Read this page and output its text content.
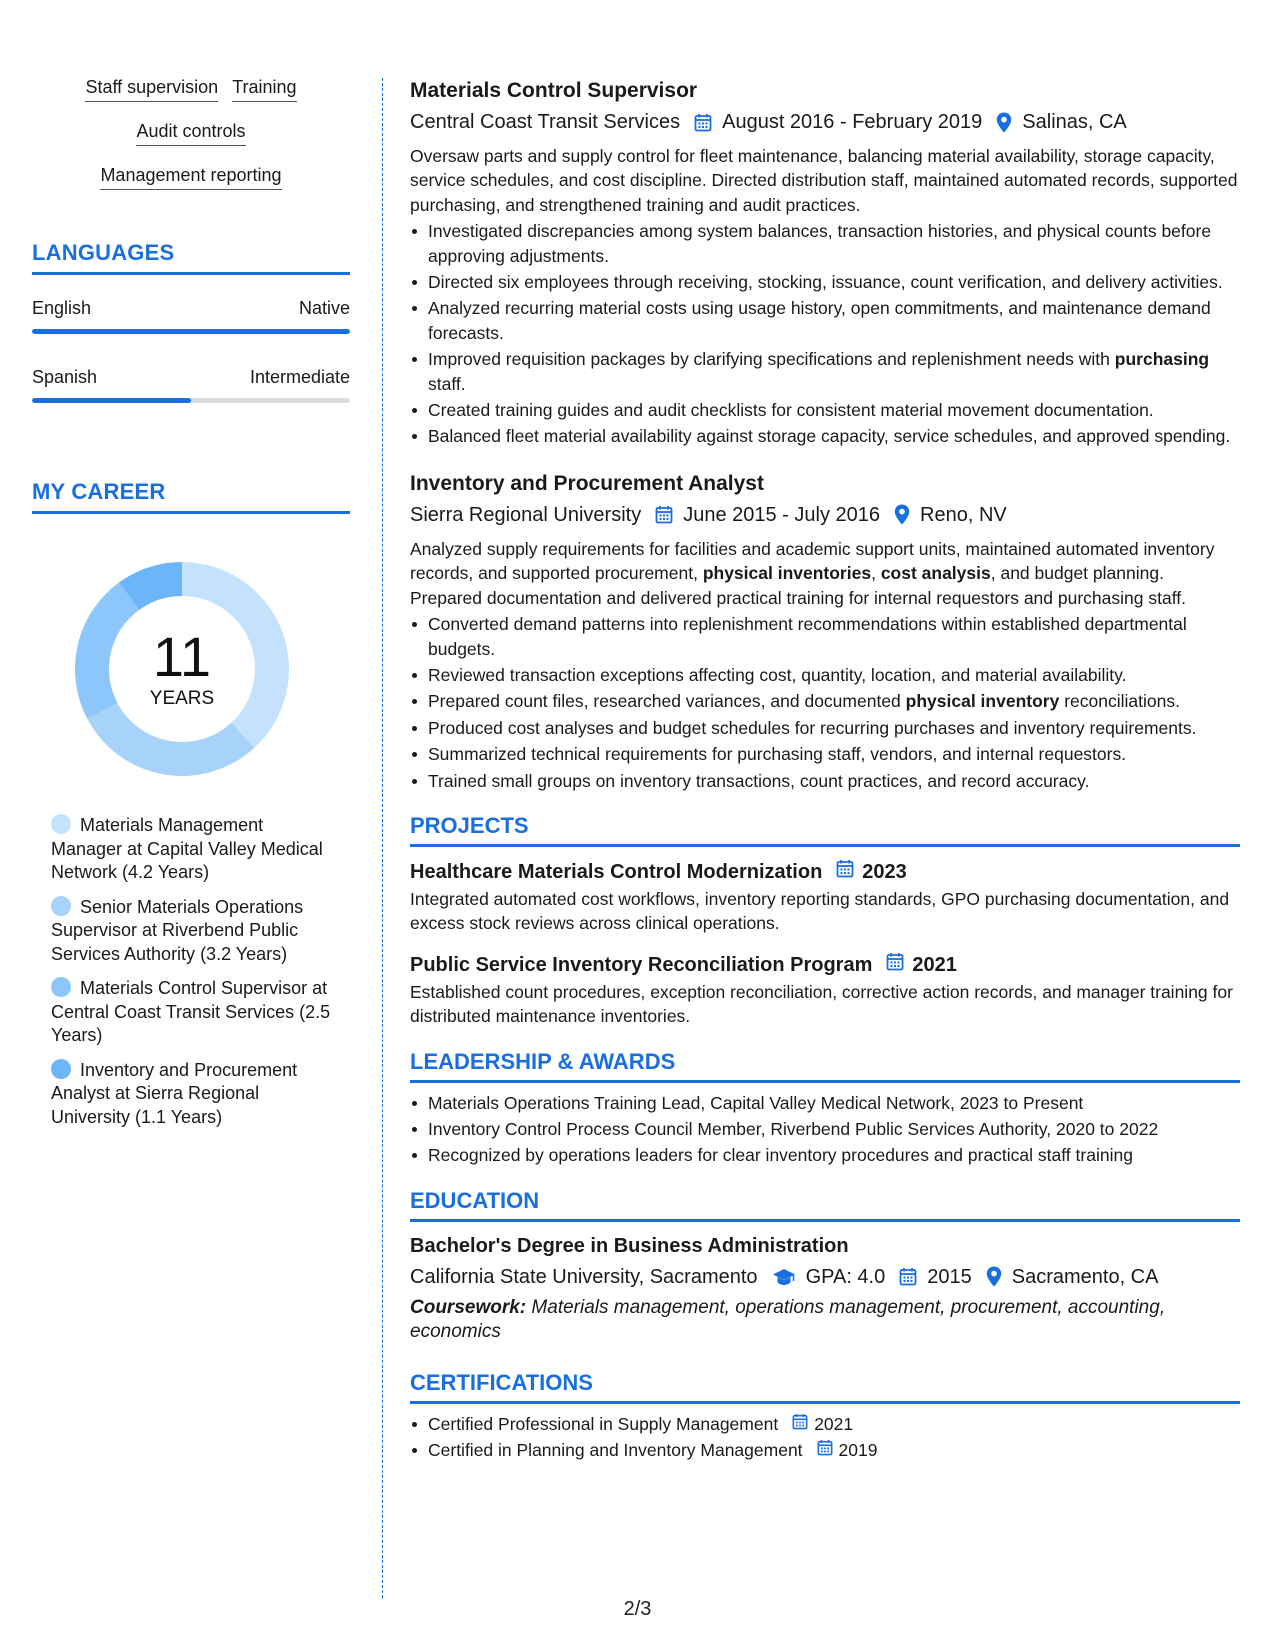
Staff supervision Training
Audit controls
Management reporting
LANGUAGES
English	Native
Spanish	Intermediate
MY CAREER
11
YEARS
Materials Management Manager at Capital Valley Medical Network (4.2 Years)
Senior Materials Operations Supervisor at Riverbend Public Services Authority (3.2 Years)
Materials Control Supervisor at Central Coast Transit Services (2.5 Years)
Inventory and Procurement Analyst at Sierra Regional University (1.1 Years)
Materials Control Supervisor
Central Coast Transit Services August 2016 - February 2019 Salinas, CA
Oversaw parts and supply control for fleet maintenance, balancing material availability, storage capacity, service schedules, and cost discipline. Directed distribution staff, maintained automated records, supported purchasing, and strengthened training and audit practices.
Investigated discrepancies among system balances, transaction histories, and physical counts before approving adjustments.
Directed six employees through receiving, stocking, issuance, count verification, and delivery activities.
Analyzed recurring material costs using usage history, open commitments, and maintenance demand forecasts.
Improved requisition packages by clarifying specifications and replenishment needs with purchasing staff.
Created training guides and audit checklists for consistent material movement documentation.
Balanced fleet material availability against storage capacity, service schedules, and approved spending.
Inventory and Procurement Analyst
Sierra Regional University June 2015 - July 2016 Reno, NV
Analyzed supply requirements for facilities and academic support units, maintained automated inventory records, and supported procurement, physical inventories, cost analysis, and budget planning. Prepared documentation and delivered practical training for internal requestors and purchasing staff.
Converted demand patterns into replenishment recommendations within established departmental budgets.
Reviewed transaction exceptions affecting cost, quantity, location, and material availability.
Prepared count files, researched variances, and documented physical inventory reconciliations.
Produced cost analyses and budget schedules for recurring purchases and inventory requirements.
Summarized technical requirements for purchasing staff, vendors, and internal requestors.
Trained small groups on inventory transactions, count practices, and record accuracy.
PROJECTS
Healthcare Materials Control Modernization 2023
Integrated automated cost workflows, inventory reporting standards, GPO purchasing documentation, and excess stock reviews across clinical operations.
Public Service Inventory Reconciliation Program 2021
Established count procedures, exception reconciliation, corrective action records, and manager training for distributed maintenance inventories.
LEADERSHIP & AWARDS
Materials Operations Training Lead, Capital Valley Medical Network, 2023 to Present
Inventory Control Process Council Member, Riverbend Public Services Authority, 2020 to 2022
Recognized by operations leaders for clear inventory procedures and practical staff training
EDUCATION
Bachelor's Degree in Business Administration
California State University, Sacramento GPA: 4.0 2015 Sacramento, CA
Coursework: Materials management, operations management, procurement, accounting, economics
CERTIFICATIONS
Certified Professional in Supply Management 2021
Certified in Planning and Inventory Management 2019
2/3
